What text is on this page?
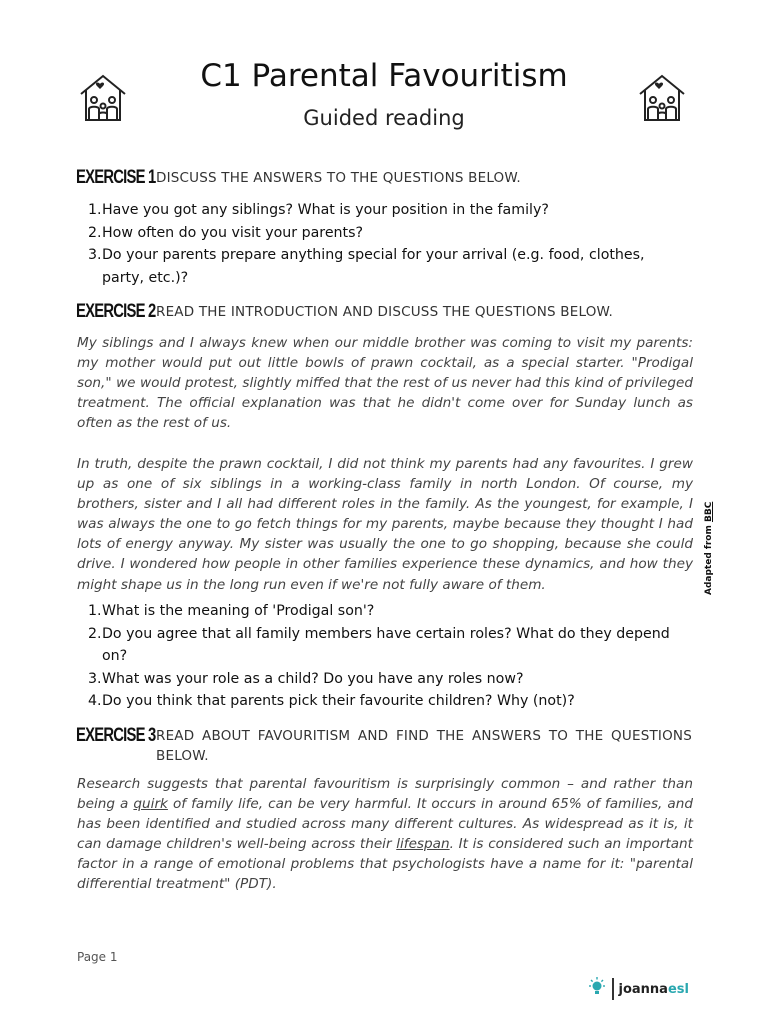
C1 Parental Favouritism
Guided reading
EXERCISE 1 DISCUSS THE ANSWERS TO THE QUESTIONS BELOW.
1. Have you got any siblings? What is your position in the family?
2. How often do you visit your parents?
3. Do your parents prepare anything special for your arrival (e.g. food, clothes, party, etc.)?
EXERCISE 2 READ THE INTRODUCTION AND DISCUSS THE QUESTIONS BELOW.

My siblings and I always knew when our middle brother was coming to visit my parents: my mother would put out little bowls of prawn cocktail, as a special starter. "Prodigal son," we would protest, slightly miffed that the rest of us never had this kind of privileged treatment. The official explanation was that he didn't come over for Sunday lunch as often as the rest of us.

In truth, despite the prawn cocktail, I did not think my parents had any favourites. I grew up as one of six siblings in a working-class family in north London. Of course, my brothers, sister and I all had different roles in the family. As the youngest, for example, I was always the one to go fetch things for my parents, maybe because they thought I had lots of energy anyway. My sister was usually the one to go shopping, because she could drive. I wondered how people in other families experience these dynamics, and how they might shape us in the long run even if we're not fully aware of them.

1. What is the meaning of 'Prodigal son'?
2. Do you agree that all family members have certain roles? What do they depend on?
3. What was your role as a child? Do you have any roles now?
4. Do you think that parents pick their favourite children? Why (not)?
Adapted from BBC
EXERCISE 3 READ ABOUT FAVOURITISM AND FIND THE ANSWERS TO THE QUESTIONS BELOW.

Research suggests that parental favouritism is surprisingly common – and rather than being a quirk of family life, can be very harmful. It occurs in around 65% of families, and has been identified and studied across many different cultures. As widespread as it is, it can damage children's well-being across their lifespan. It is considered such an important factor in a range of emotional problems that psychologists have a name for it: "parental differential treatment" (PDT).

Page 1
joanna esl
